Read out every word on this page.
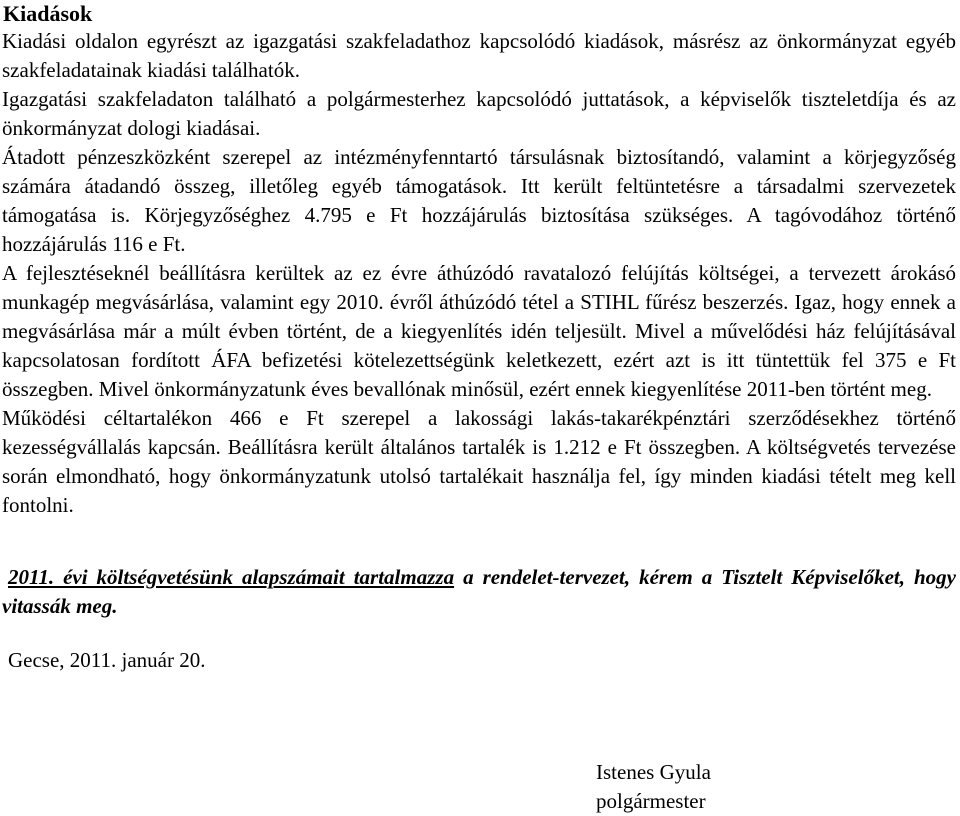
Kiadások

Kiadási oldalon egyrészt az igazgatási szakfeladathoz kapcsolódó kiadások, másrész az önkormányzat egyéb szakfeladatainak kiadási találhatók.

Igazgatási szakfeladaton található a polgármesterhez kapcsolódó juttatások, a képviselők tiszteletdíja és az önkormányzat dologi kiadásai.

Átadott pénzeszközként szerepel az intézményfenntartó társulásnak biztosítandó, valamint a körjegyzőség számára átadandó összeg, illetőleg egyéb támogatások. Itt került feltüntetésre a társadalmi szervezetek támogatása is. Körjegyzőséghez 4.795 e Ft hozzájárulás biztosítása szükséges. A tagóvodához történő hozzájárulás 116 e Ft.

A fejlesztéseknél beállításra kerültek az ez évre áthúzódó ravatalozó felújítás költségei, a tervezett árokásó munkagép megvásárlása, valamint egy 2010. évről áthúzódó tétel a STIHL fűrész beszerzés. Igaz, hogy ennek a megvásárlása már a múlt évben történt, de a kiegyenlítés idén teljesült. Mivel a művelődési ház felújításával kapcsolatosan fordított ÁFA befizetési kötelezettségünk keletkezett, ezért azt is itt tüntettük fel 375 e Ft összegben. Mivel önkormányzatunk éves bevallónak minősül, ezért ennek kiegyenlítése 2011-ben történt meg.

Működési céltartalékon 466 e Ft szerepel a lakossági lakás-takarékpénztári szerződésekhez történő kezességvállalás kapcsán. Beállításra került általános tartalék is 1.212 e Ft összegben. A költségvetés tervezése során elmondható, hogy önkormányzatunk utolsó tartalékait használja fel, így minden kiadási tételt meg kell fontolni.

2011. évi költségvetésünk alapszámait tartalmazza a rendelet-tervezet, kérem a Tisztelt Képviselőket, hogy vitassák meg.

Gecse, 2011. január 20.

Istenes Gyula
polgármester
